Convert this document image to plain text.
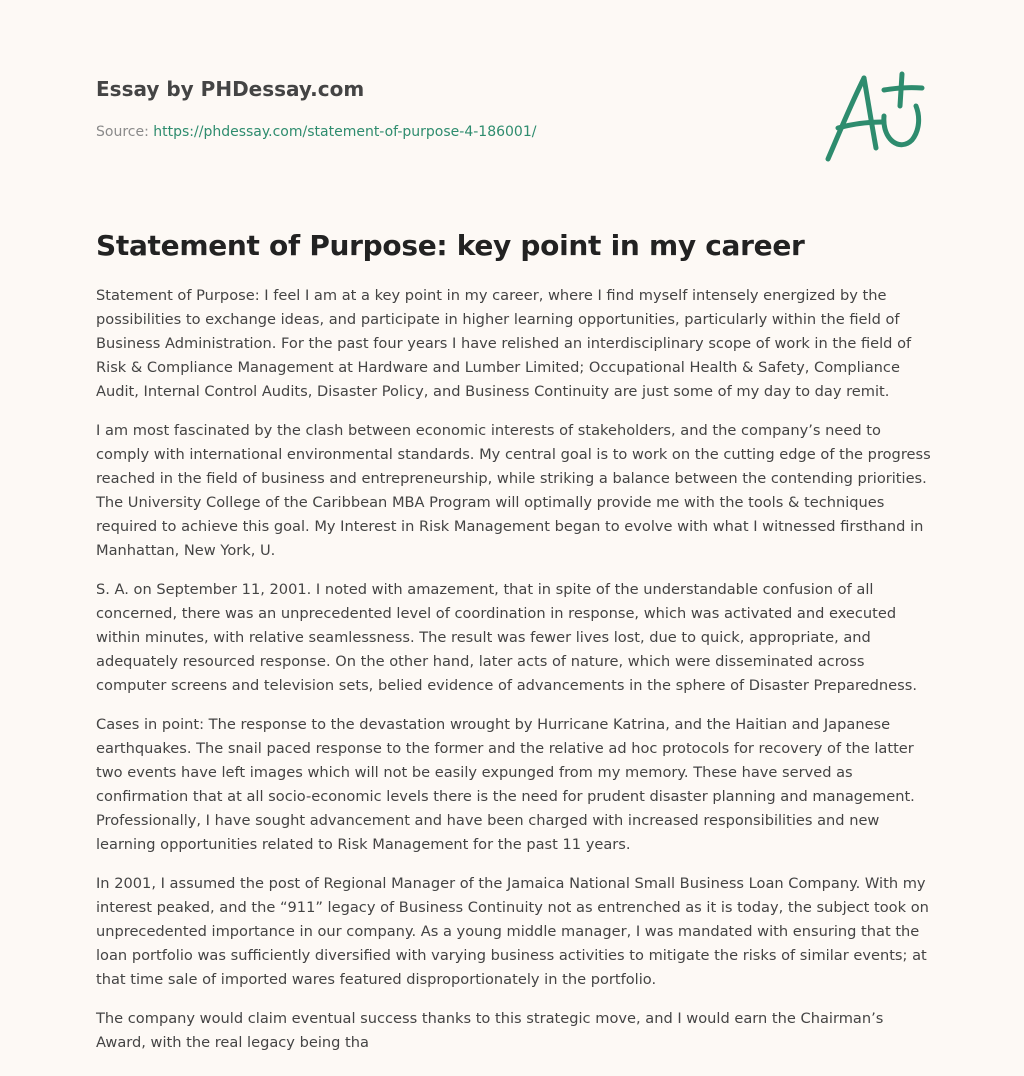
Essay by PHDessay.com
Source: https://phdessay.com/statement-of-purpose-4-186001/
Statement of Purpose: key point in my career

Statement of Purpose: I feel I am at a key point in my career, where I find myself intensely energized by the possibilities to exchange ideas, and participate in higher learning opportunities, particularly within the field of Business Administration. For the past four years I have relished an interdisciplinary scope of work in the field of Risk & Compliance Management at Hardware and Lumber Limited; Occupational Health & Safety, Compliance Audit, Internal Control Audits, Disaster Policy, and Business Continuity are just some of my day to day remit.

I am most fascinated by the clash between economic interests of stakeholders, and the company’s need to comply with international environmental standards. My central goal is to work on the cutting edge of the progress reached in the field of business and entrepreneurship, while striking a balance between the contending priorities. The University College of the Caribbean MBA Program will optimally provide me with the tools & techniques required to achieve this goal. My Interest in Risk Management began to evolve with what I witnessed firsthand in Manhattan, New York, U.

S. A. on September 11, 2001. I noted with amazement, that in spite of the understandable confusion of all concerned, there was an unprecedented level of coordination in response, which was activated and executed within minutes, with relative seamlessness. The result was fewer lives lost, due to quick, appropriate, and adequately resourced response. On the other hand, later acts of nature, which were disseminated across computer screens and television sets, belied evidence of advancements in the sphere of Disaster Preparedness.

Cases in point: The response to the devastation wrought by Hurricane Katrina, and the Haitian and Japanese earthquakes. The snail paced response to the former and the relative ad hoc protocols for recovery of the latter two events have left images which will not be easily expunged from my memory. These have served as confirmation that at all socio-economic levels there is the need for prudent disaster planning and management. Professionally, I have sought advancement and have been charged with increased responsibilities and new learning opportunities related to Risk Management for the past 11 years.

In 2001, I assumed the post of Regional Manager of the Jamaica National Small Business Loan Company. With my interest peaked, and the “911” legacy of Business Continuity not as entrenched as it is today, the subject took on unprecedented importance in our company. As a young middle manager, I was mandated with ensuring that the loan portfolio was sufficiently diversified with varying business activities to mitigate the risks of similar events; at that time sale of imported wares featured disproportionately in the portfolio.

The company would claim eventual success thanks to this strategic move, and I would earn the Chairman’s Award, with the real legacy being tha
